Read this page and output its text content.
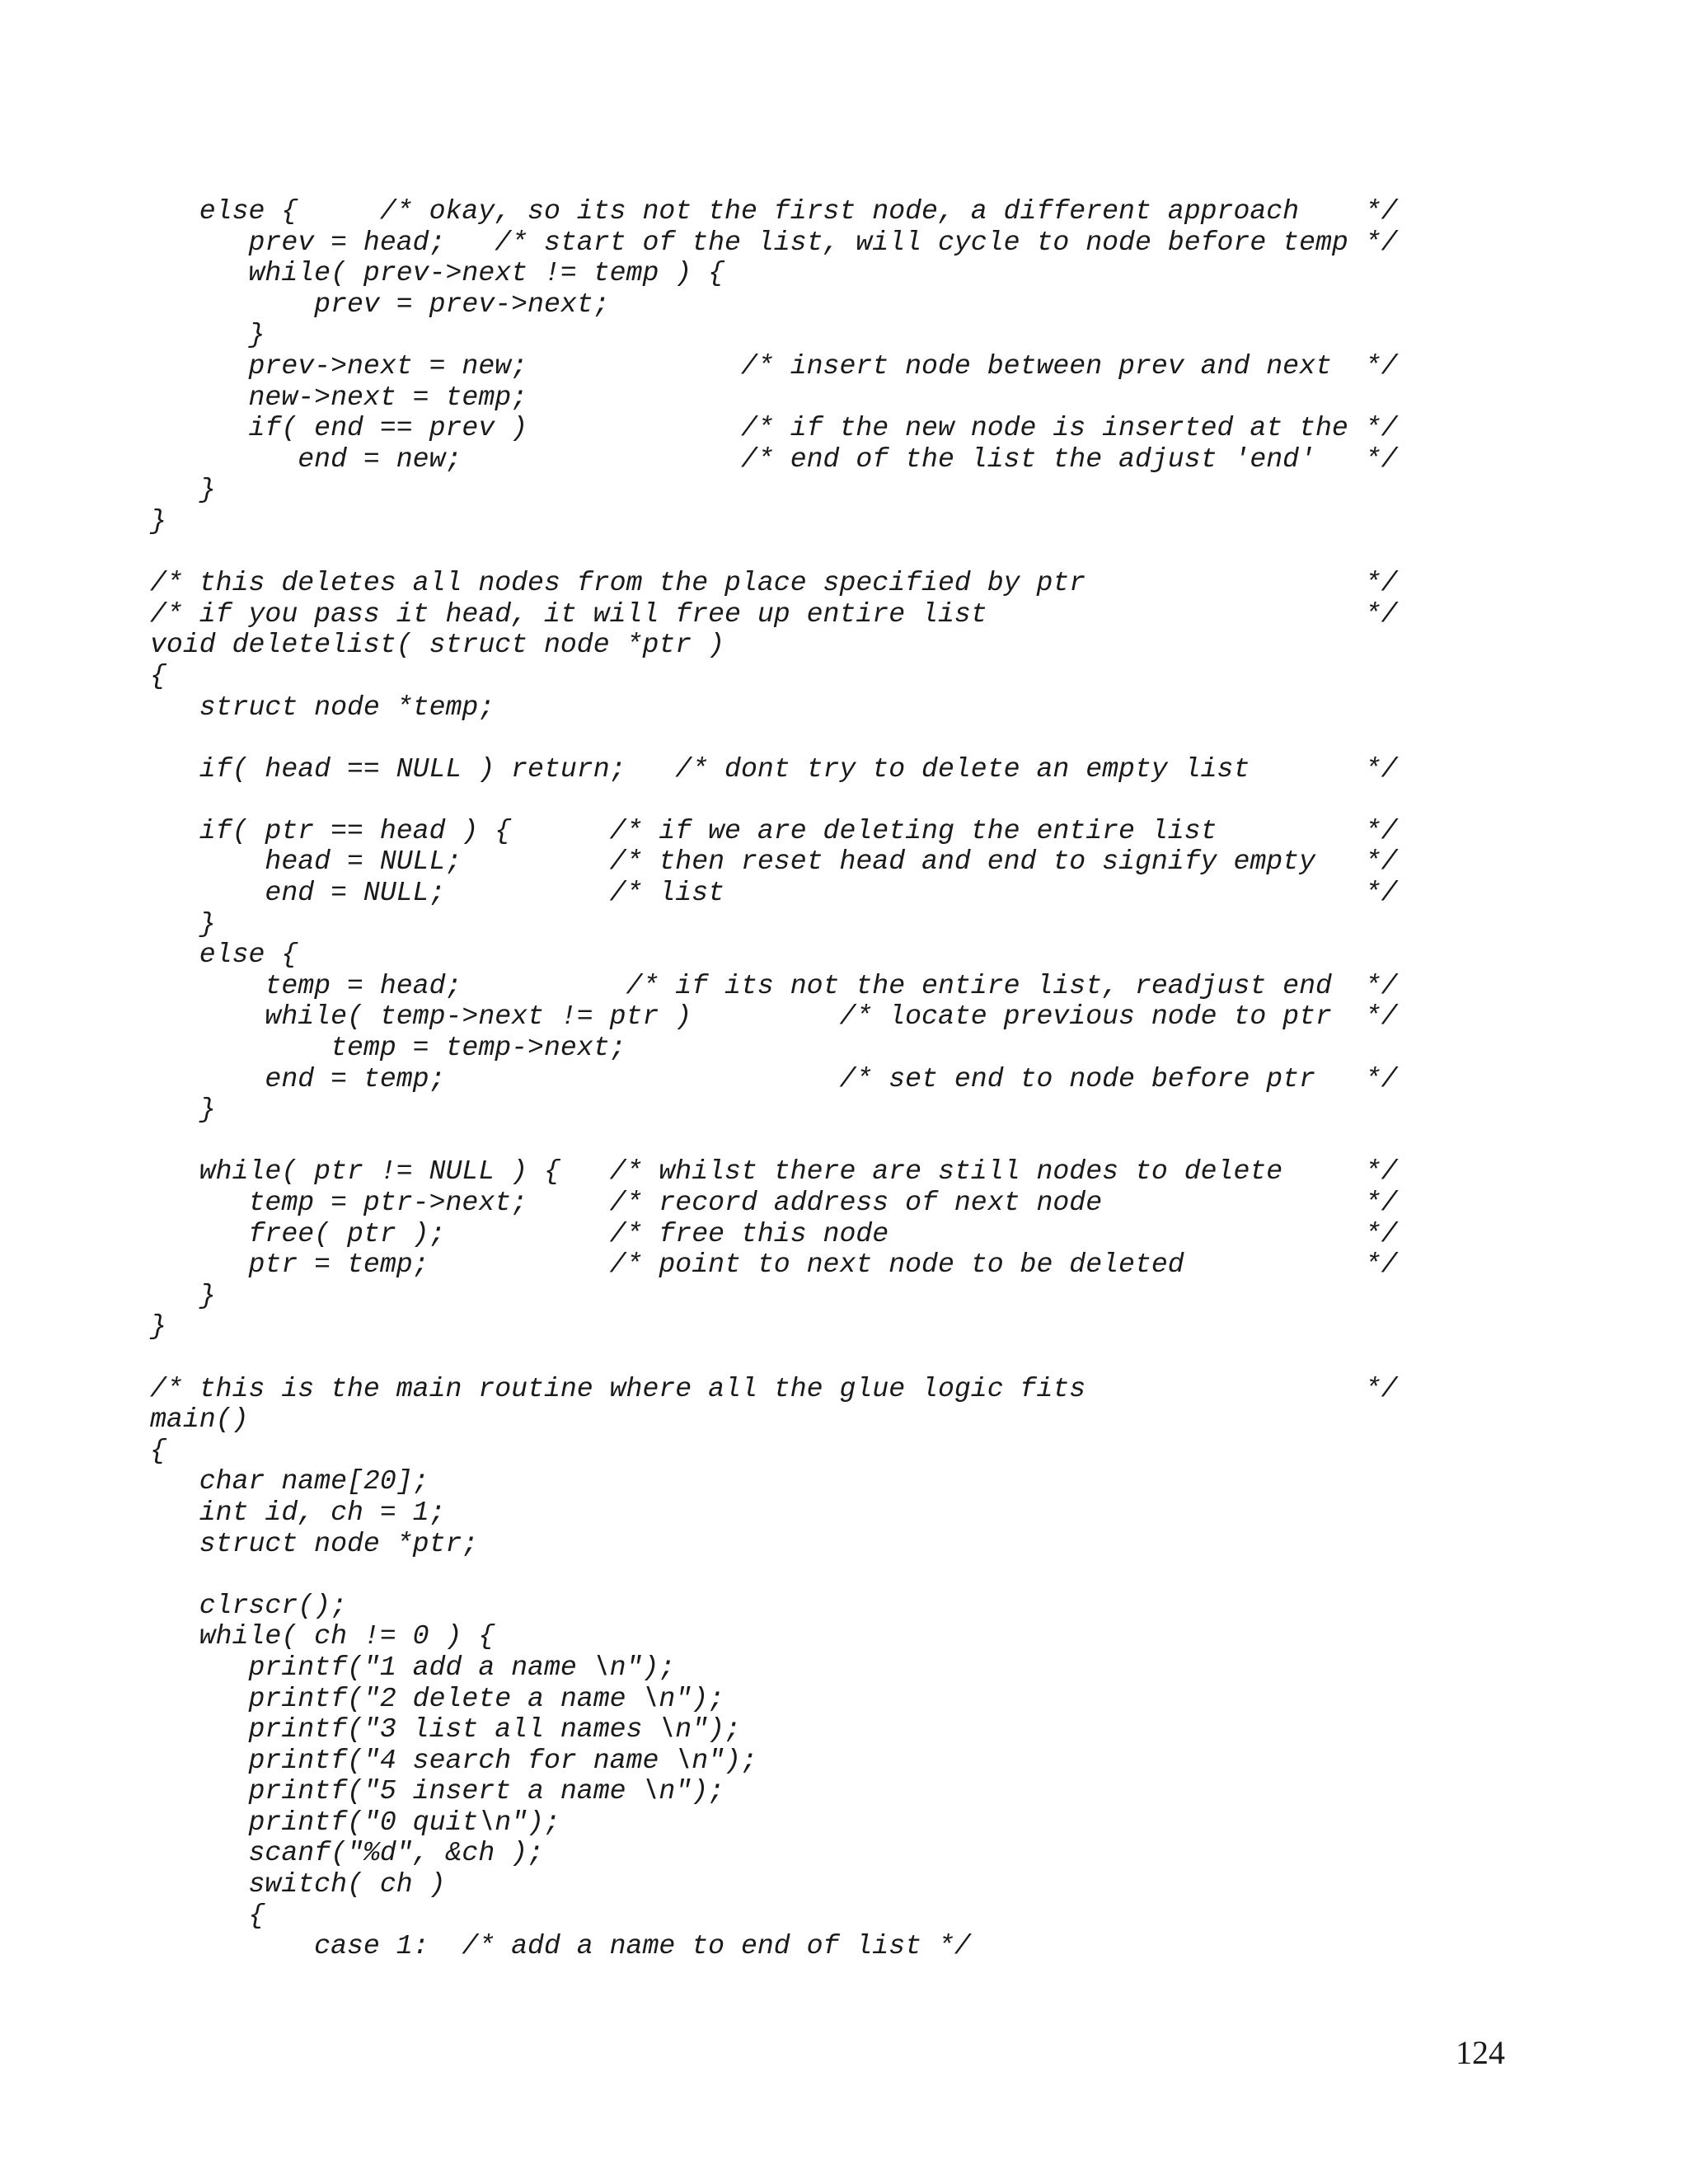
else {     /* okay, so its not the first node, a different approach    */
prev = head;   /* start of the list, will cycle to node before temp */
while( prev->next != temp ) {
prev = prev->next;
}
prev->next = new;             /* insert node between prev and next  */
new->next = temp;
if( end == prev )             /* if the new node is inserted at the */
end = new;                 /* end of the list the adjust 'end'   */
}
}
/* this deletes all nodes from the place specified by ptr                 */
/* if you pass it head, it will free up entire list                       */
void deletelist( struct node *ptr )
{
struct node *temp;
if( head == NULL ) return;   /* dont try to delete an empty list       */
if( ptr == head ) {      /* if we are deleting the entire list         */
head = NULL;         /* then reset head and end to signify empty   */
end = NULL;          /* list                                       */
}
else {
temp = head;          /* if its not the entire list, readjust end  */
while( temp->next != ptr )         /* locate previous node to ptr  */
temp = temp->next;
end = temp;                        /* set end to node before ptr   */
}
while( ptr != NULL ) {   /* whilst there are still nodes to delete     */
temp = ptr->next;     /* record address of next node                */
free( ptr );          /* free this node                             */
ptr = temp;           /* point to next node to be deleted           */
}
}
/* this is the main routine where all the glue logic fits                 */
main()
{
char name[20];
int id, ch = 1;
struct node *ptr;
clrscr();
while( ch != 0 ) {
printf("1 add a name \n");
printf("2 delete a name \n");
printf("3 list all names \n");
printf("4 search for name \n");
printf("5 insert a name \n");
printf("0 quit\n");
scanf("%d", &ch );
switch( ch )
{
case 1:  /* add a name to end of list */
124
